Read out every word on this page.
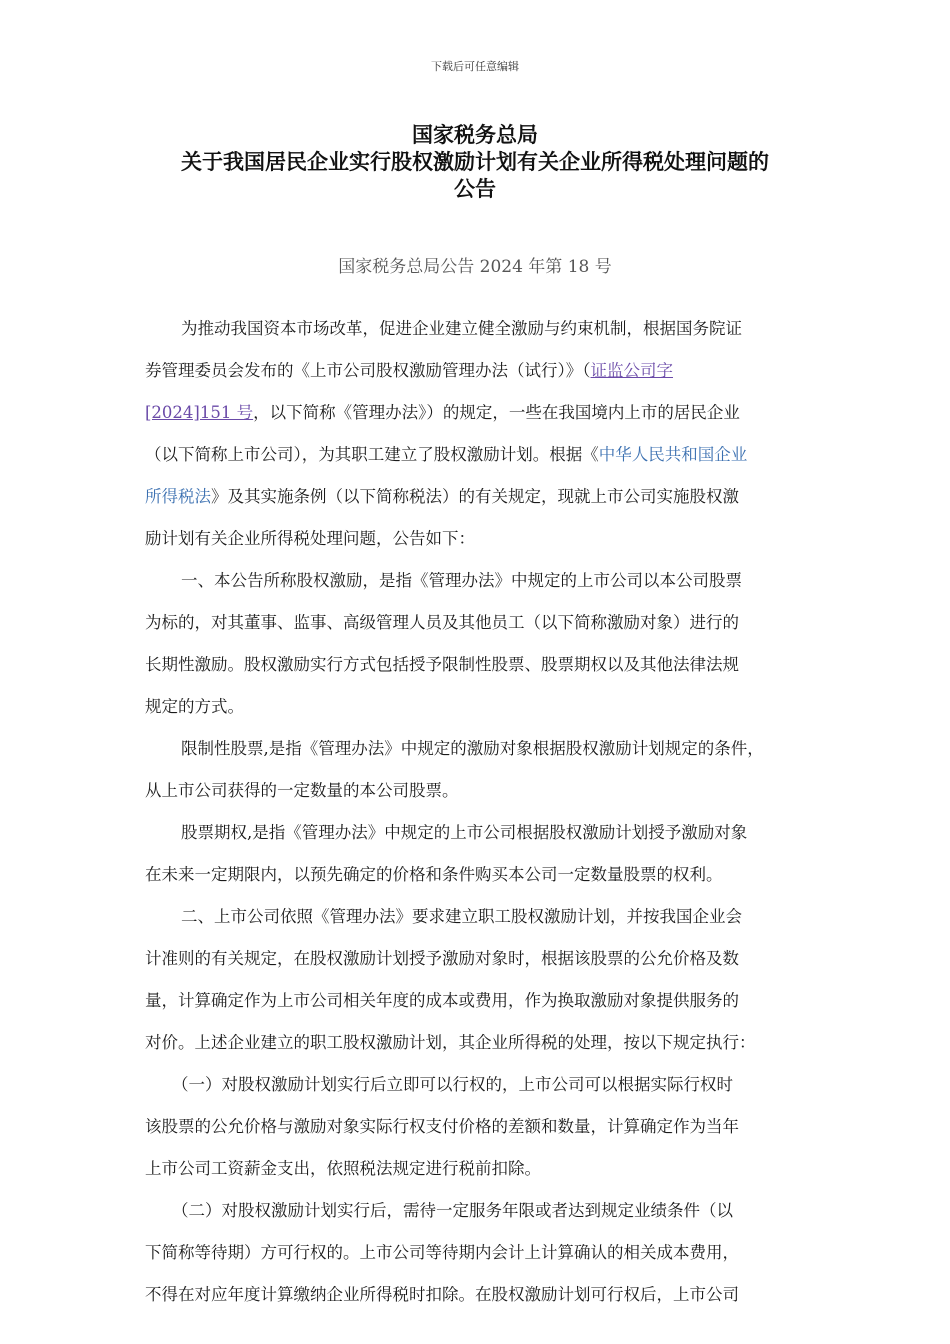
下载后可任意编辑
国家税务总局
关于我国居民企业实行股权激励计划有关企业所得税处理问题的
公告
国家税务总局公告 2024 年第 18 号
为推动我国资本市场改革，促进企业建立健全激励与约束机制，根据国务院证
券管理委员会发布的《上市公司股权激励管理办法（试行）》（证监公司字
[2024]151 号，以下简称《管理办法》）的规定，一些在我国境内上市的居民企业
（以下简称上市公司），为其职工建立了股权激励计划。根据《中华人民共和国企业
所得税法》及其实施条例（以下简称税法）的有关规定，现就上市公司实施股权激
励计划有关企业所得税处理问题，公告如下：
一、本公告所称股权激励，是指《管理办法》中规定的上市公司以本公司股票
为标的，对其董事、监事、高级管理人员及其他员工（以下简称激励对象）进行的
长期性激励。股权激励实行方式包括授予限制性股票、股票期权以及其他法律法规
规定的方式。
限制性股票,是指《管理办法》中规定的激励对象根据股权激励计划规定的条件，
从上市公司获得的一定数量的本公司股票。
股票期权,是指《管理办法》中规定的上市公司根据股权激励计划授予激励对象
在未来一定期限内，以预先确定的价格和条件购买本公司一定数量股票的权利。
二、上市公司依照《管理办法》要求建立职工股权激励计划，并按我国企业会
计准则的有关规定，在股权激励计划授予激励对象时，根据该股票的公允价格及数
量，计算确定作为上市公司相关年度的成本或费用，作为换取激励对象提供服务的
对价。上述企业建立的职工股权激励计划，其企业所得税的处理，按以下规定执行：
（一）对股权激励计划实行后立即可以行权的，上市公司可以根据实际行权时
该股票的公允价格与激励对象实际行权支付价格的差额和数量，计算确定作为当年
上市公司工资薪金支出，依照税法规定进行税前扣除。
（二）对股权激励计划实行后，需待一定服务年限或者达到规定业绩条件（以
下简称等待期）方可行权的。上市公司等待期内会计上计算确认的相关成本费用，
不得在对应年度计算缴纳企业所得税时扣除。在股权激励计划可行权后，上市公司
